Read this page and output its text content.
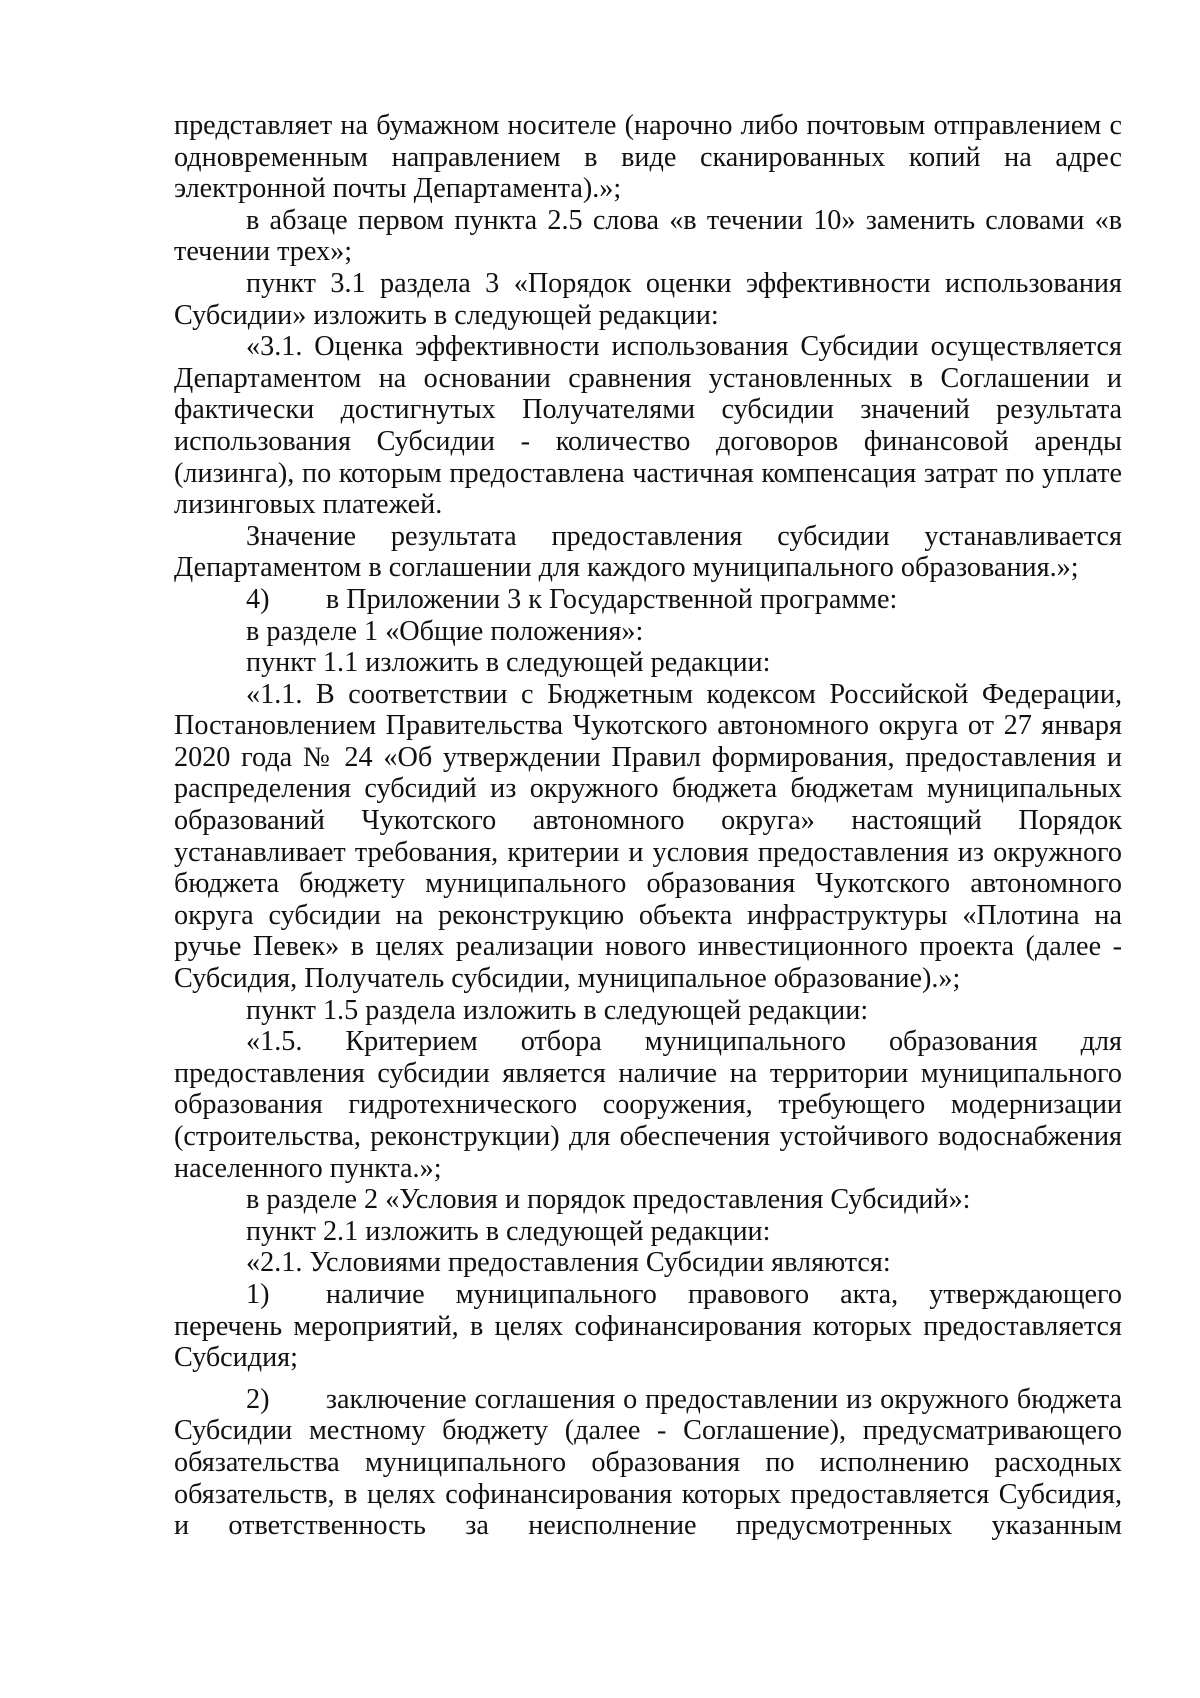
представляет на бумажном носителе (нарочно либо почтовым отправлением с одновременным направлением в виде сканированных копий на адрес электронной почты Департамента).»;

в абзаце первом пункта 2.5 слова «в течении 10» заменить словами «в течении трех»;

пункт 3.1 раздела 3 «Порядок оценки эффективности использования Субсидии» изложить в следующей редакции:

«3.1. Оценка эффективности использования Субсидии осуществляется Департаментом на основании сравнения установленных в Соглашении и фактически достигнутых Получателями субсидии значений результата использования Субсидии - количество договоров финансовой аренды (лизинга), по которым предоставлена частичная компенсация затрат по уплате лизинговых платежей.

Значение результата предоставления субсидии устанавливается Департаментом в соглашении для каждого муниципального образования.»;

4)  в Приложении 3 к Государственной программе:

в разделе 1 «Общие положения»:

пункт 1.1 изложить в следующей редакции:

«1.1. В соответствии с Бюджетным кодексом Российской Федерации, Постановлением Правительства Чукотского автономного округа от 27 января 2020 года № 24 «Об утверждении Правил формирования, предоставления и распределения субсидий из окружного бюджета бюджетам муниципальных образований Чукотского автономного округа» настоящий Порядок устанавливает требования, критерии и условия предоставления из окружного бюджета бюджету муниципального образования Чукотского автономного округа субсидии на реконструкцию объекта инфраструктуры «Плотина на ручье Певек» в целях реализации нового инвестиционного проекта (далее - Субсидия, Получатель субсидии, муниципальное образование).»;

пункт 1.5 раздела изложить в следующей редакции:

«1.5. Критерием отбора муниципального образования для предоставления субсидии является наличие на территории муниципального образования гидротехнического сооружения, требующего модернизации (строительства, реконструкции) для обеспечения устойчивого водоснабжения населенного пункта.»;

в разделе 2 «Условия и порядок предоставления Субсидий»:

пункт 2.1 изложить в следующей редакции:

«2.1. Условиями предоставления Субсидии являются:

1)  наличие муниципального правового акта, утверждающего перечень мероприятий, в целях софинансирования которых предоставляется Субсидия;

2)  заключение соглашения о предоставлении из окружного бюджета Субсидии местному бюджету (далее - Соглашение), предусматривающего обязательства муниципального образования по исполнению расходных обязательств, в целях софинансирования которых предоставляется Субсидия, и ответственность за неисполнение предусмотренных указанным
